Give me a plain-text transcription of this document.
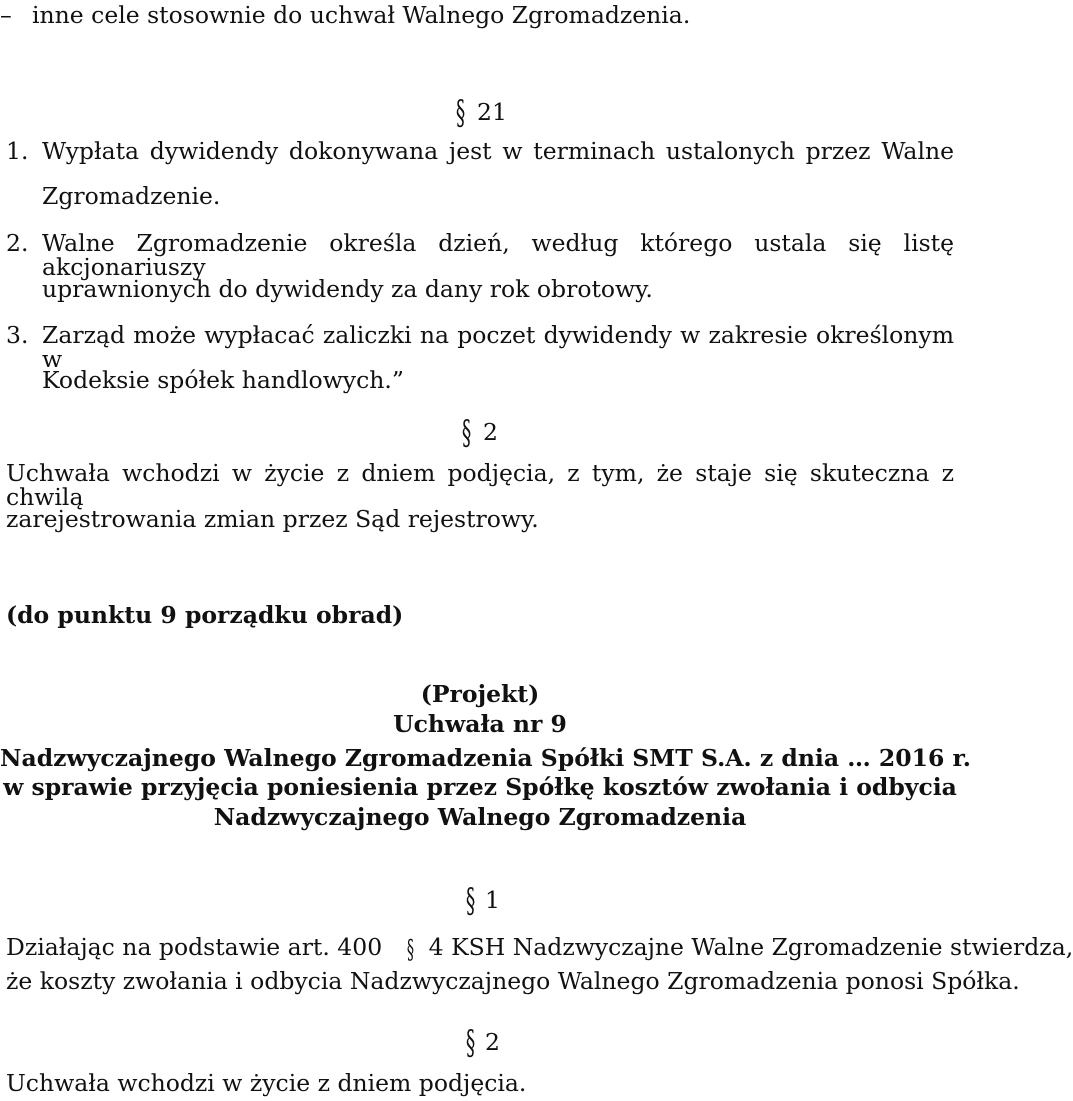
– inne cele stosownie do uchwał Walnego Zgromadzenia.
§ 21
1. Wypłata dywidendy dokonywana jest w terminach ustalonych przez Walne
Zgromadzenie.
2. Walne Zgromadzenie określa dzień, według którego ustala się listę akcjonariuszy
uprawnionych do dywidendy za dany rok obrotowy.
3. Zarząd może wypłacać zaliczki na poczet dywidendy w zakresie określonym w
Kodeksie spółek handlowych.”
§ 2
Uchwała wchodzi w życie z dniem podjęcia, z tym, że staje się skuteczna z chwilą
zarejestrowania zmian przez Sąd rejestrowy.
(do punktu 9 porządku obrad)
(Projekt)
Uchwała nr 9
Nadzwyczajnego Walnego Zgromadzenia Spółki SMT S.A. z dnia … 2016 r.
w sprawie przyjęcia poniesienia przez Spółkę kosztów zwołania i odbycia
Nadzwyczajnego Walnego Zgromadzenia
§ 1
Działając na podstawie art. 400 § 4 KSH Nadzwyczajne Walne Zgromadzenie stwierdza,
że koszty zwołania i odbycia Nadzwyczajnego Walnego Zgromadzenia ponosi Spółka.
§ 2
Uchwała wchodzi w życie z dniem podjęcia.
